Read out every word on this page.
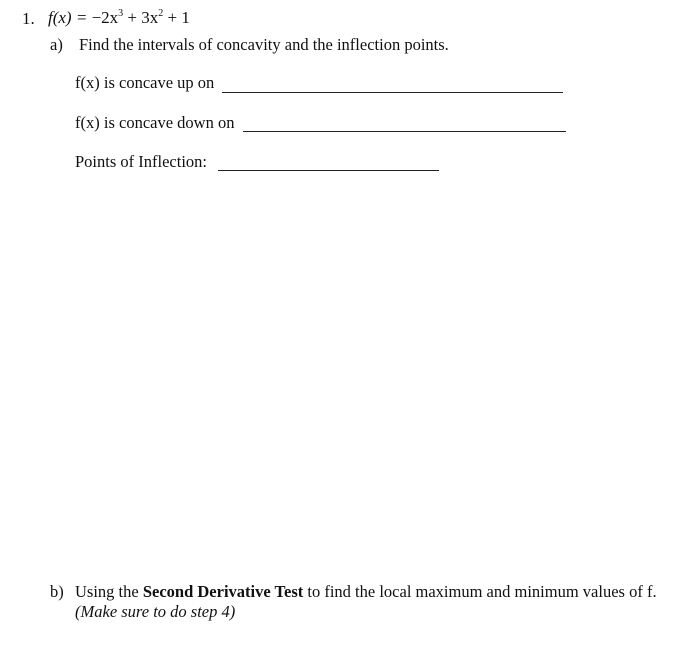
1. $f(x) = -2x^3 + 3x^2 + 1$
a) Find the intervals of concavity and the inflection points.
f(x) is concave up on
f(x) is concave down on
Points of Inflection:
b) Using the Second Derivative Test to find the local maximum and minimum values of f.
(Make sure to do step 4)
